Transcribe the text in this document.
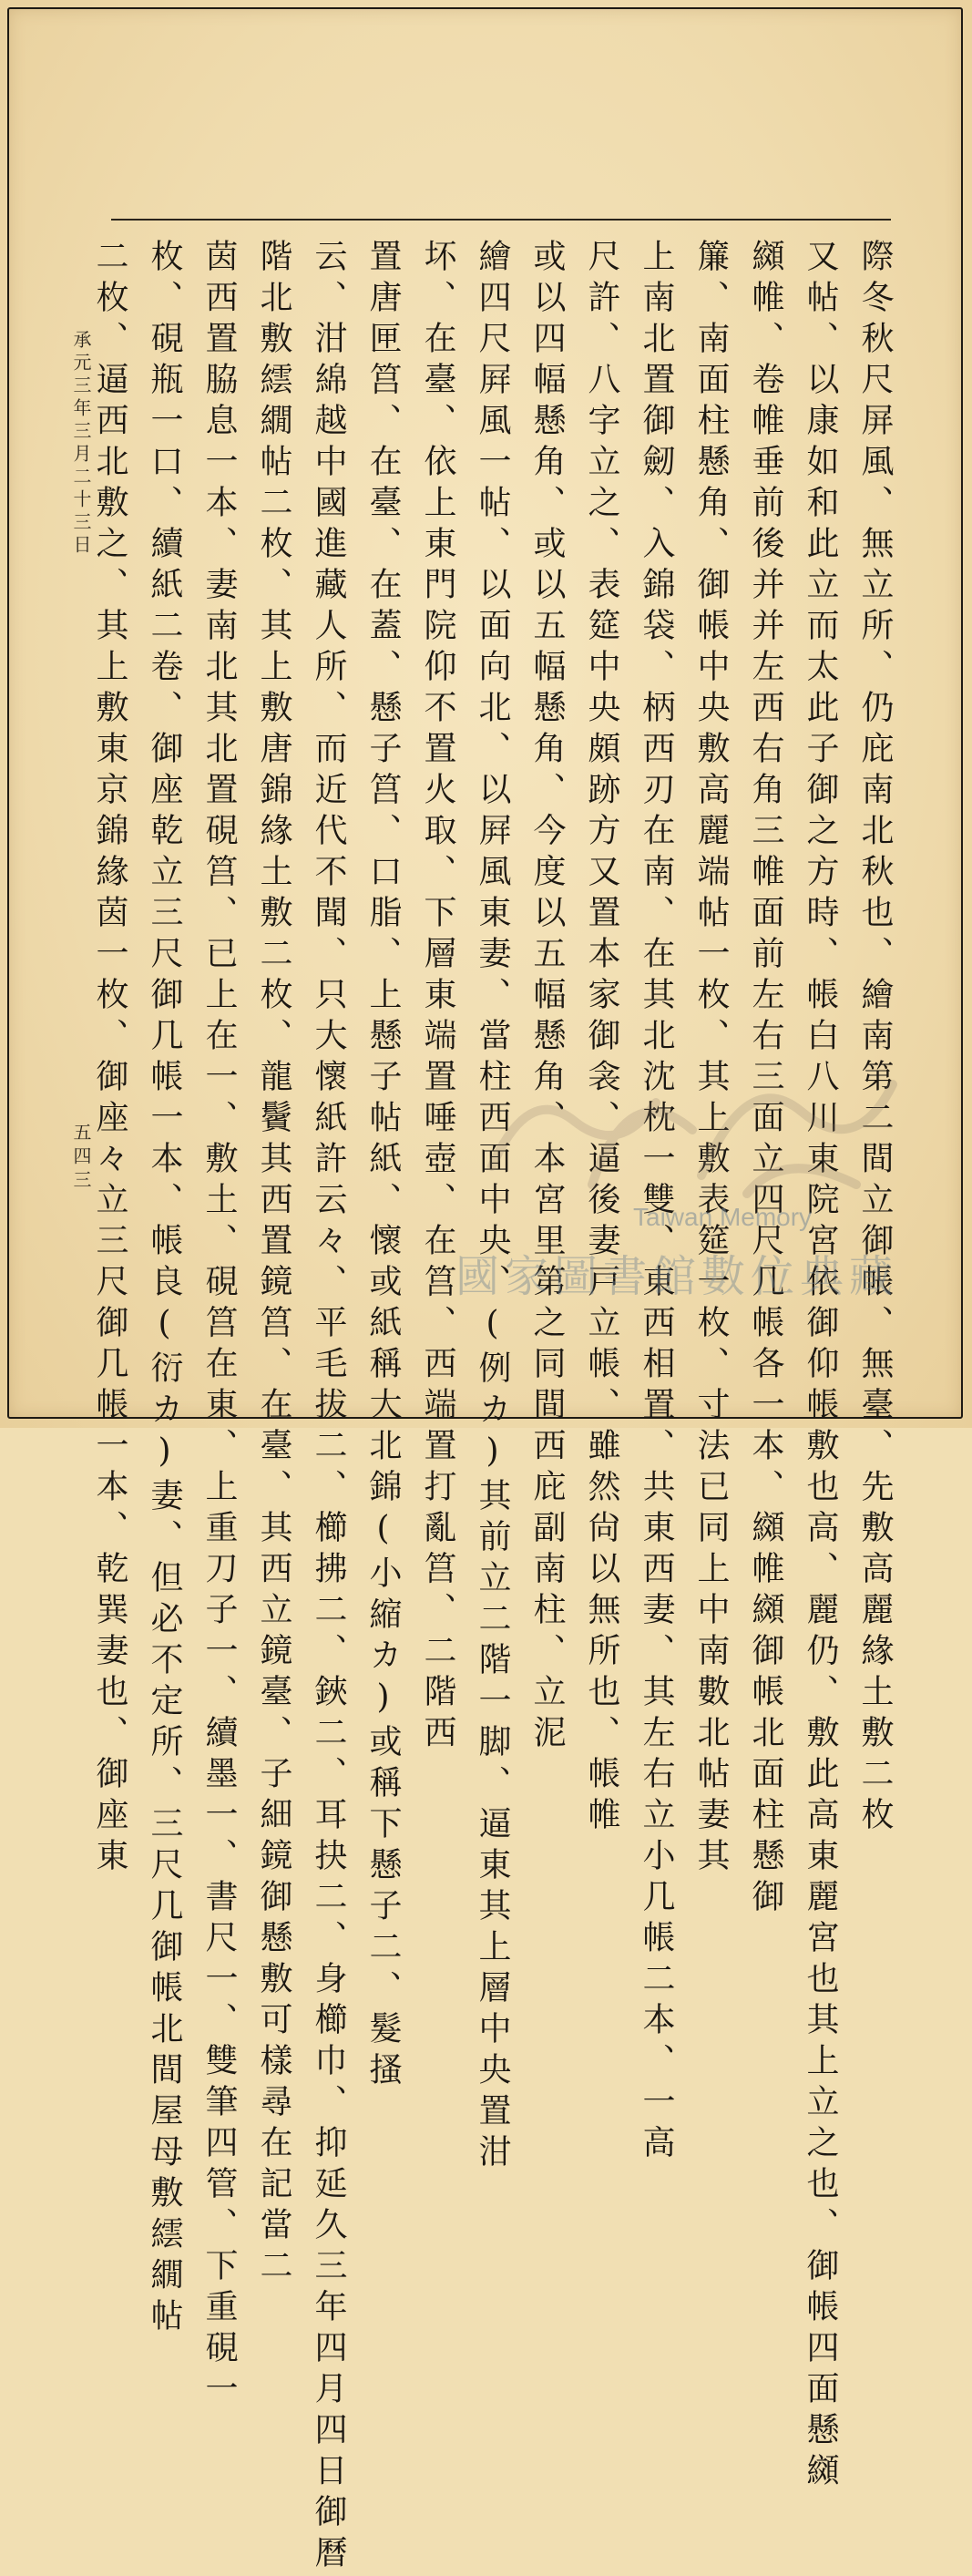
際冬秋尺屏風、無立所、仍庇南北秋也、繪南第二間立御帳、無臺、先敷高麗緣土敷二枚
又帖、以康如和此立而太此子御之方時、帳白八川東院宮依御仰帳敷也高、麗仍、敷此高東麗宮也其上立之也、御帳四面懸纐
纐帷、卷帷垂前後并并左西右角三帷面前左右三面立四尺几帳各一本、纐帷纐御帳北面柱懸御
簾、南面柱懸角、御帳中央敷高麗端帖一枚、其上敷表筵一枚、寸法已同上中南數北帖妻其
上南北置御劒、入錦袋、柄西刃在南、在其北沈枕一雙、東西相置、共東西妻、其左右立小几帳二本、一高
尺許、八字立之、表筵中央頗跡方又置本家御衾、逼後妻戸立帳、雖然尙以無所也、帳帷
或以四幅懸角、或以五幅懸角、今度以五幅懸角、本宮里第之同間西庇副南柱、立泥
繪四尺屛風一帖、以面向北、以屛風東妻、當柱西面中央、(例カ)其前立二階一脚、逼東其上層中央置泔
坏、在臺、依上東門院仰不置火取、下層東端置唾壺、在筥、西端置打亂筥、二階西
置唐匣筥、在臺、在蓋、懸子筥、口脂、上懸子帖紙、懷或紙稱大北錦(小縮カ)或稱下懸子二、髮搔
云、泔綿越中國進藏人所、而近代不聞、只大懷紙許云々、平毛拔二、櫛拂二、鋏二、耳抉二、身櫛巾、抑延久三年四月四日御曆
階北敷繧繝帖二枚、其上敷唐錦緣土敷二枚、龍鬢其西置鏡筥、在臺、其西立鏡臺、子細鏡御懸敷可樣尋在記當二
茵西置脇息一本、妻南北其北置硯筥、已上在一、敷土、硯筥在東、上重刀子一、續墨一、書尺一、雙筆四管、下重硯一
枚、硯瓶一口、續紙二卷、御座乾立三尺御几帳一本、帳良(衍カ)妻、但必不定所、三尺几御帳北間屋母敷繧繝帖
二枚、逼西北敷之、其上敷東京錦緣茵一枚、御座々立三尺御几帳一本、乾巽妻也、御座東
承元三年三月二十三日
五四三
Taiwan Memory
國家圖書館數位典藏
